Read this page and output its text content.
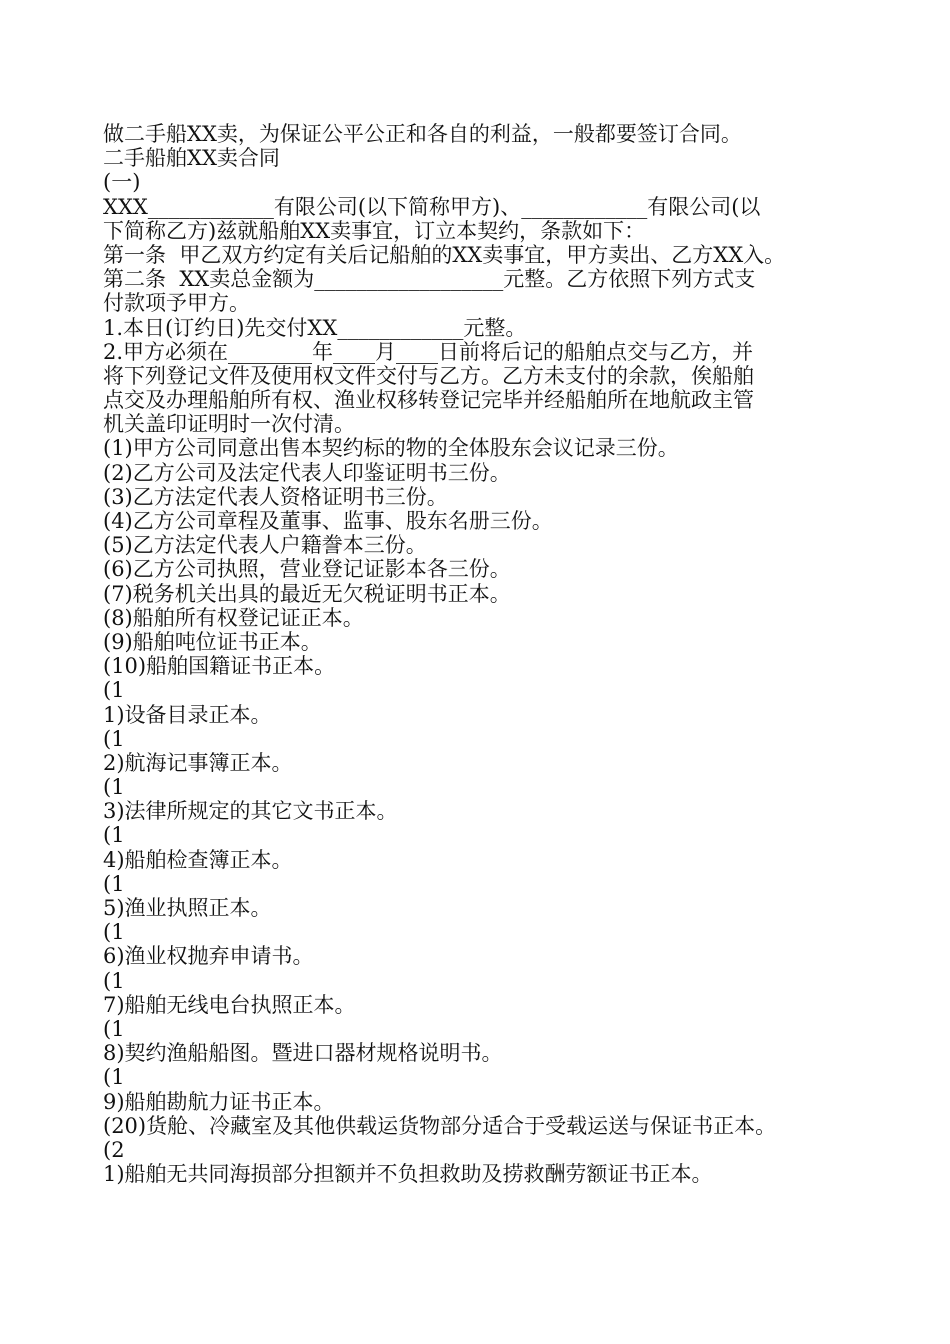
做二手船XX卖，为保证公平公正和各自的利益，一般都要签订合同。
二手船舶XX卖合同
(一)
XXX____________有限公司(以下简称甲方)、____________有限公司(以
下简称乙方)兹就船舶XX卖事宜，订立本契约，条款如下：
第一条  甲乙双方约定有关后记船舶的XX卖事宜，甲方卖出、乙方XX入。
第二条  XX卖总金额为__________________元整。乙方依照下列方式支
付款项予甲方。
1.本日(订约日)先交付XX____________元整。
2.甲方必须在________年____月____日前将后记的船舶点交与乙方，并
将下列登记文件及使用权文件交付与乙方。乙方未支付的余款，俟船舶
点交及办理船舶所有权、渔业权移转登记完毕并经船舶所在地航政主管
机关盖印证明时一次付清。
(1)甲方公司同意出售本契约标的物的全体股东会议记录三份。
(2)乙方公司及法定代表人印鉴证明书三份。
(3)乙方法定代表人资格证明书三份。
(4)乙方公司章程及董事、监事、股东名册三份。
(5)乙方法定代表人户籍誊本三份。
(6)乙方公司执照，营业登记证影本各三份。
(7)税务机关出具的最近无欠税证明书正本。
(8)船舶所有权登记证正本。
(9)船舶吨位证书正本。
(10)船舶国籍证书正本。
(1
1)设备目录正本。
(1
2)航海记事簿正本。
(1
3)法律所规定的其它文书正本。
(1
4)船舶检查簿正本。
(1
5)渔业执照正本。
(1
6)渔业权抛弃申请书。
(1
7)船舶无线电台执照正本。
(1
8)契约渔船船图。暨进口器材规格说明书。
(1
9)船舶勘航力证书正本。
(20)货舱、冷藏室及其他供载运货物部分适合于受载运送与保证书正本。
(2
1)船舶无共同海损部分担额并不负担救助及捞救酬劳额证书正本。
